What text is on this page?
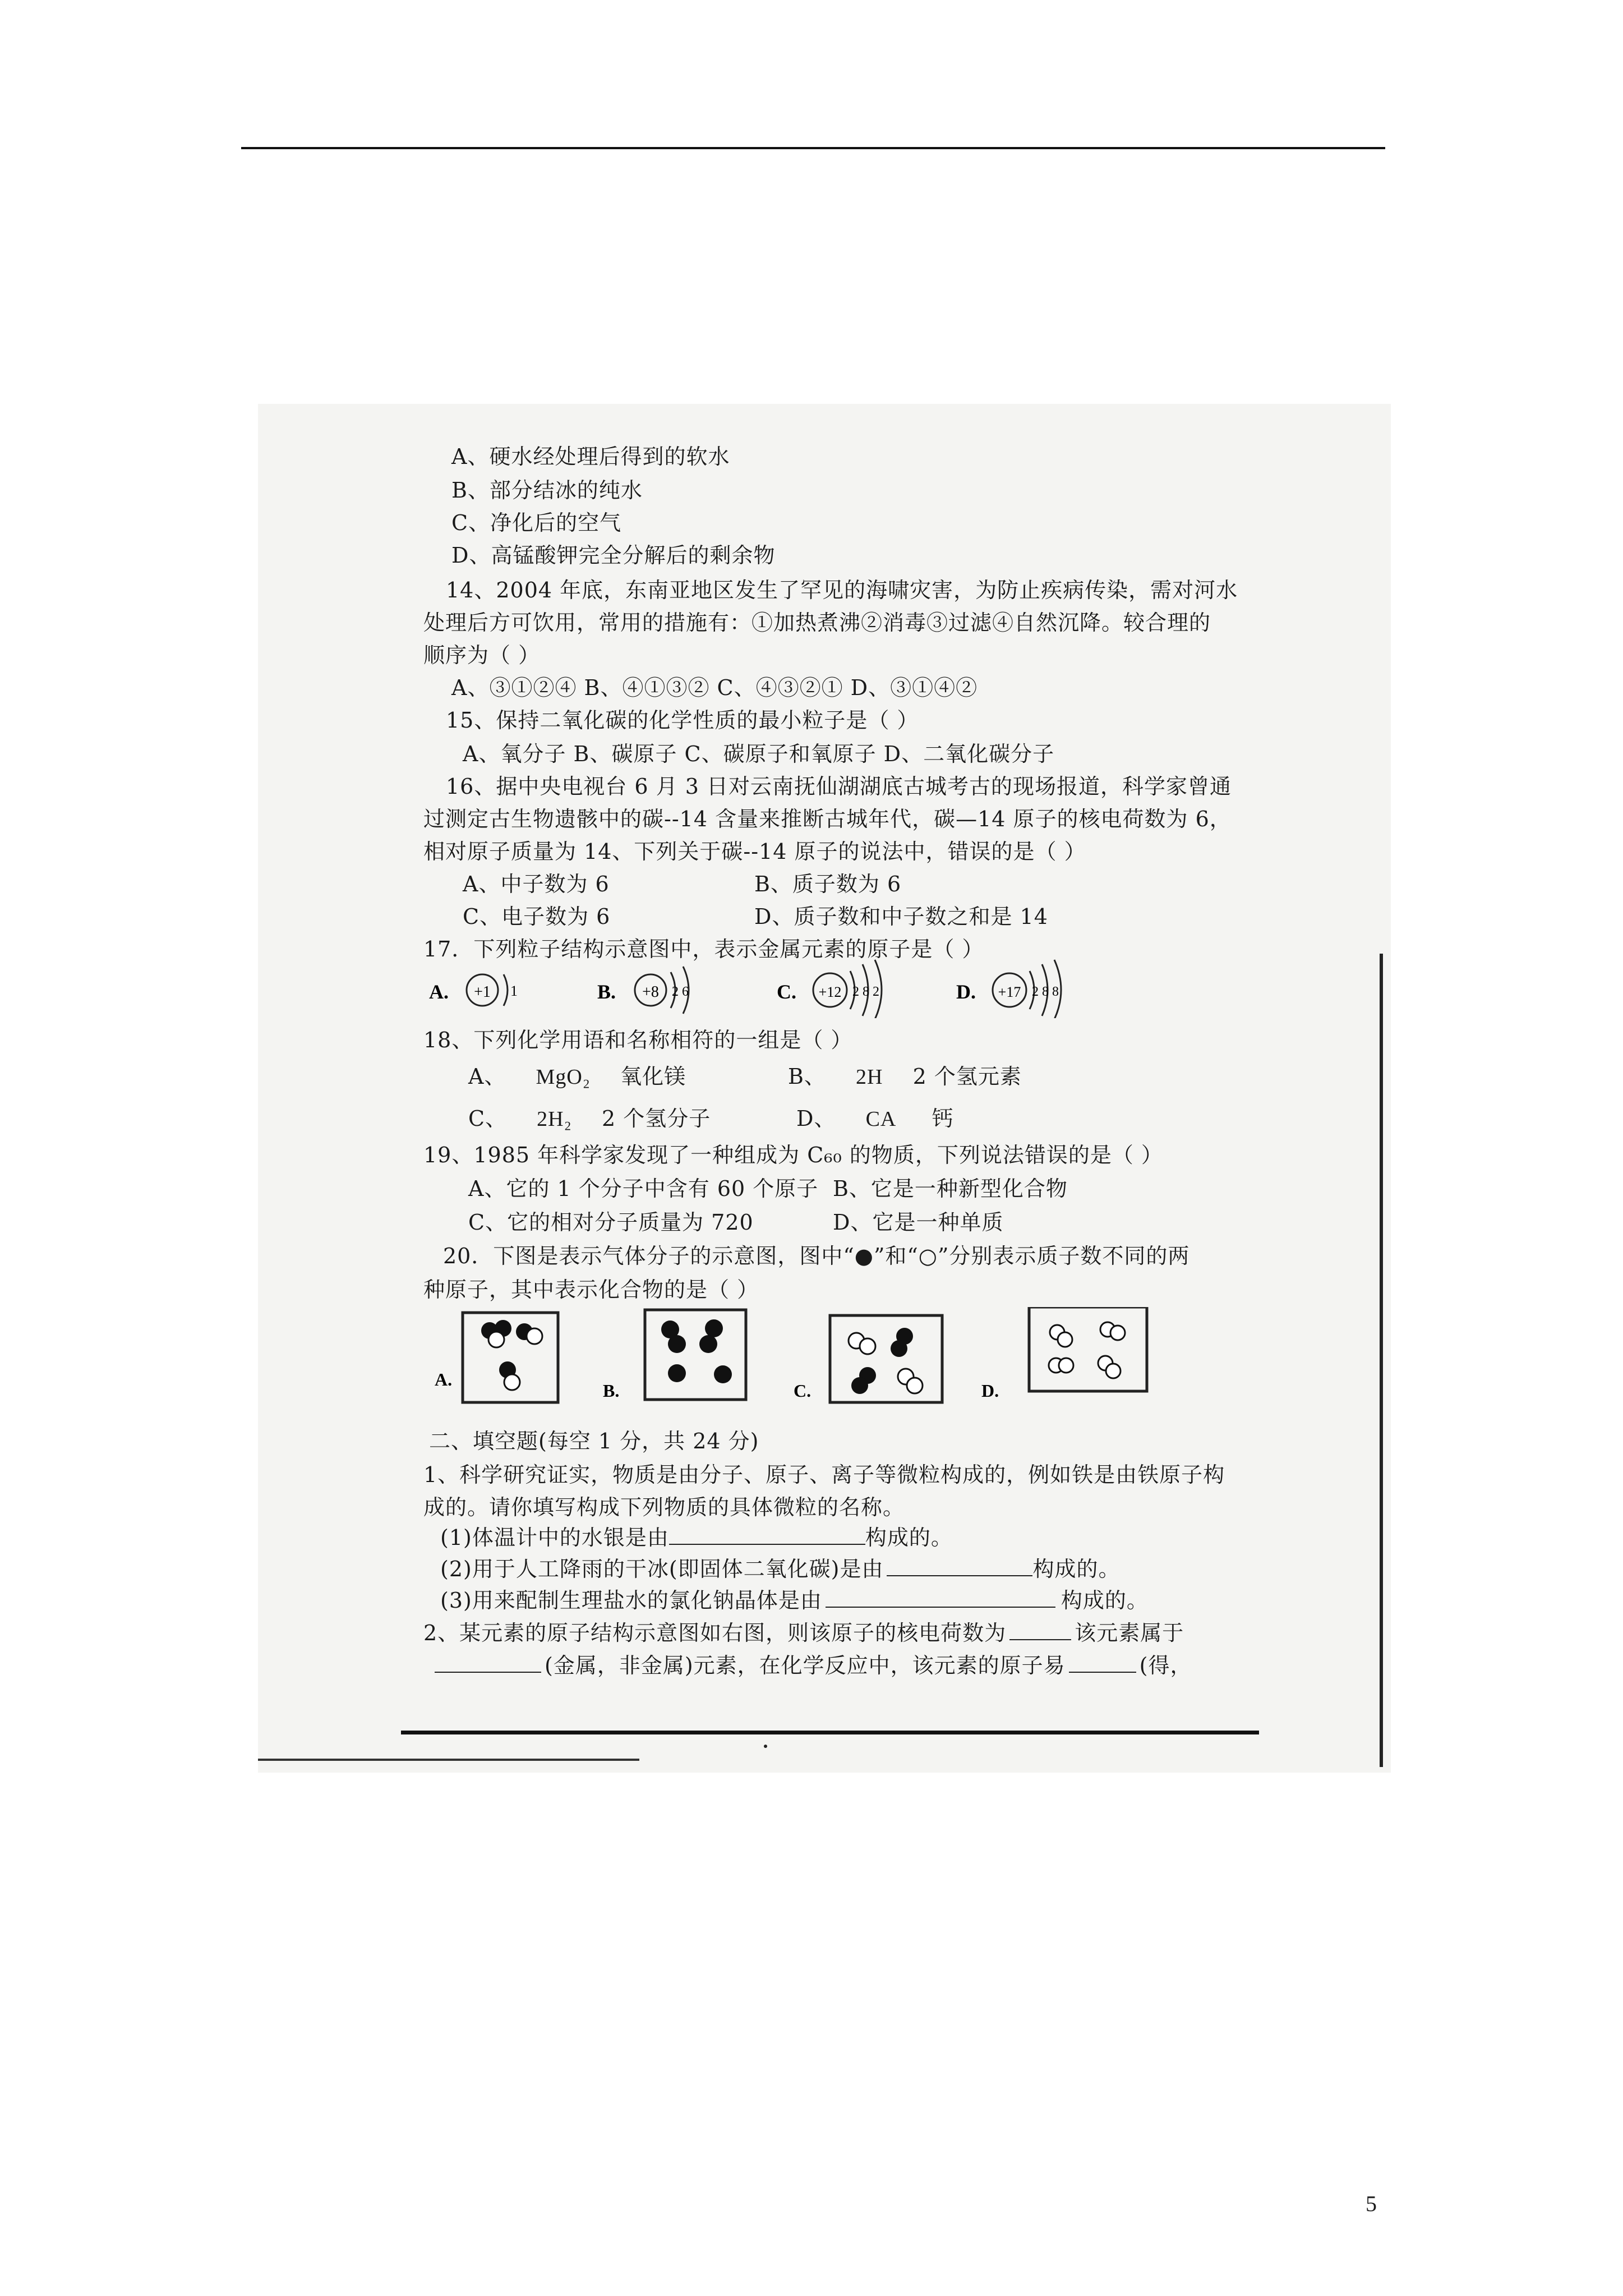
A、硬水经处理后得到的软水
B、部分结冰的纯水
C、净化后的空气
D、高锰酸钾完全分解后的剩余物
14、2004 年底，东南亚地区发生了罕见的海啸灾害，为防止疾病传染，需对河水
处理后方可饮用，常用的措施有：①加热煮沸②消毒③过滤④自然沉降。较合理的
顺序为（ ）
A、③①②④ B、④①③② C、④③②① D、③①④②
15、保持二氧化碳的化学性质的最小粒子是（ ）
A、氧分子 B、碳原子 C、碳原子和氧原子 D、二氧化碳分子
16、据中央电视台 6 月 3 日对云南抚仙湖湖底古城考古的现场报道，科学家曾通
过测定古生物遗骸中的碳--14 含量来推断古城年代，碳—14 原子的核电荷数为 6，
相对原子质量为 14、下列关于碳--14 原子的说法中，错误的是（ ）
A、中子数为 6	B、质子数为 6
C、电子数为 6	D、质子数和中子数之和是 14
17．下列粒子结构示意图中，表示金属元素的原子是（ ）
A. +1 1	B. +8 2 6	C. +12 2 8 2	D. +17 2 8 8
18、下列化学用语和名称相符的一组是（ ）
A、 MgO₂ 氧化镁	B、 2H 2 个氢元素
C、 2H₂ 2 个氢分子	D、 CA 钙
19、1985 年科学家发现了一种组成为 C₆₀ 的物质，下列说法错误的是（ ）
A、它的 1 个分子中含有 60 个原子 B、它是一种新型化合物
C、它的相对分子质量为 720	D、它是一种单质
20．下图是表示气体分子的示意图，图中“●”和“○”分别表示质子数不同的两
种原子，其中表示化合物的是（ ）
A.
B.	C.	D.
二、填空题(每空 1 分，共 24 分)
1、科学研究证实，物质是由分子、原子、离子等微粒构成的，例如铁是由铁原子构
成的。请你填写构成下列物质的具体微粒的名称。
(1)体温计中的水银是由	构成的。
(2)用于人工降雨的干冰(即固体二氧化碳)是由	构成的。
(3)用来配制生理盐水的氯化钠晶体是由	构成的。
2、某元素的原子结构示意图如右图，则该原子的核电荷数为	该元素属于
(金属，非金属)元素，在化学反应中，该元素的原子易	(得，
5
